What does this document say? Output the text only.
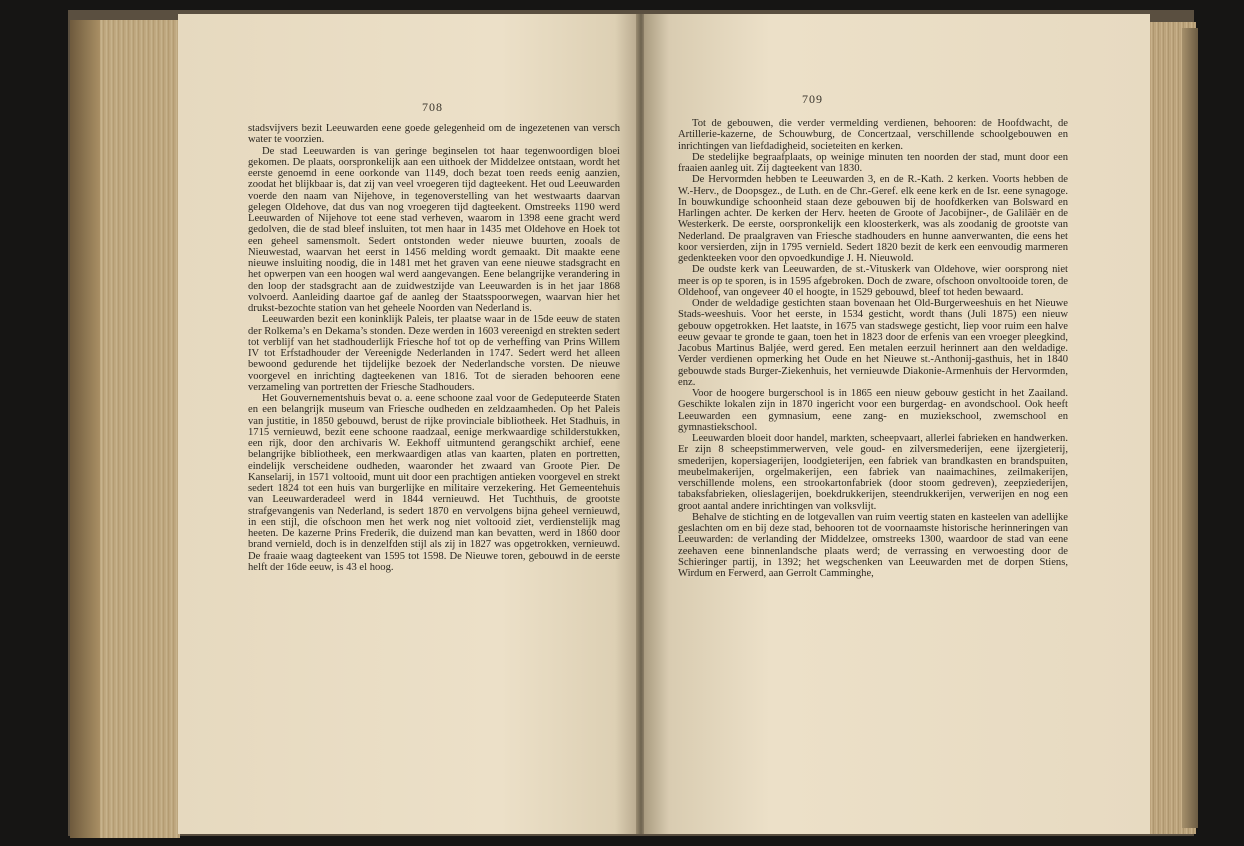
708

stadsvijvers bezit Leeuwarden eene goede gelegenheid om de ingezetenen van versch water te voorzien.

De stad Leeuwarden is van geringe beginselen tot haar tegenwoordigen bloei gekomen. De plaats, oorspronkelijk aan een uithoek der Middelzee ontstaan, wordt het eerste genoemd in eene oorkonde van 1149, doch bezat toen reeds eenig aanzien, zoodat het blijkbaar is, dat zij van veel vroegeren tijd dagteekent. Het oud Leeuwarden voerde den naam van Nijehove, in tegenoverstelling van het westwaarts daarvan gelegen Oldehove, dat dus van nog vroegeren tijd dagteekent. Omstreeks 1190 werd Leeuwarden of Nijehove tot eene stad verheven, waarom in 1398 eene gracht werd gedolven, die de stad bleef insluiten, tot men haar in 1435 met Oldehove en Hoek tot een geheel samensmolt. Sedert ontstonden weder nieuwe buurten, zooals de Nieuwestad, waarvan het eerst in 1456 melding wordt gemaakt. Dit maakte eene nieuwe insluiting noodig, die in 1481 met het graven van eene nieuwe stadsgracht en het opwerpen van een hoogen wal werd aangevangen. Eene belangrijke verandering in den loop der stadsgracht aan de zuidwestzijde van Leeuwarden is in het jaar 1868 volvoerd. Aanleiding daartoe gaf de aanleg der Staatsspoorwegen, waarvan hier het drukst-bezochte station van het geheele Noorden van Nederland is.

Leeuwarden bezit een koninklijk Paleis, ter plaatse waar in de 15de eeuw de staten der Rolkema’s en Dekama’s stonden. Deze werden in 1603 vereenigd en strekten sedert tot verblijf van het stadhouderlijk Friesche hof tot op de verheffing van Prins Willem IV tot Erfstadhouder der Vereenigde Nederlanden in 1747. Sedert werd het alleen bewoond gedurende het tijdelijke bezoek der Nederlandsche vorsten. De nieuwe voorgevel en inrichting dagteekenen van 1816. Tot de sieraden behooren eene verzameling van portretten der Friesche Stadhouders.

Het Gouvernementshuis bevat o. a. eene schoone zaal voor de Gedeputeerde Staten en een belangrijk museum van Friesche oudheden en zeldzaamheden. Op het Paleis van justitie, in 1850 gebouwd, berust de rijke provinciale bibliotheek. Het Stadhuis, in 1715 vernieuwd, bezit eene schoone raadzaal, eenige merkwaardige schilderstukken, een rijk, door den archivaris W. Eekhoff uitmuntend gerangschikt archief, eene belangrijke bibliotheek, een merkwaardigen atlas van kaarten, platen en portretten, eindelijk verscheidene oudheden, waaronder het zwaard van Groote Pier. De Kanselarij, in 1571 voltooid, munt uit door een prachtigen antieken voorgevel en strekt sedert 1824 tot een huis van burgerlijke en militaire verzekering. Het Gemeentehuis van Leeuwarderadeel werd in 1844 vernieuwd. Het Tuchthuis, de grootste strafgevangenis van Nederland, is sedert 1870 en vervolgens bijna geheel vernieuwd, in een stijl, die ofschoon men het werk nog niet voltooid ziet, verdienstelijk mag heeten. De kazerne Prins Frederik, die duizend man kan bevatten, werd in 1860 door brand vernield, doch is in denzelfden stijl als zij in 1827 was opgetrokken, vernieuwd. De fraaie waag dagteekent van 1595 tot 1598. De Nieuwe toren, gebouwd in de eerste helft der 16de eeuw, is 43 el hoog.

709

Tot de gebouwen, die verder vermelding verdienen, behooren: de Hoofdwacht, de Artillerie-kazerne, de Schouwburg, de Concertzaal, verschillende schoolgebouwen en inrichtingen van liefdadigheid, societeiten en kerken.

De stedelijke begraafplaats, op weinige minuten ten noorden der stad, munt door een fraaien aanleg uit. Zij dagteekent van 1830.

De Hervormden hebben te Leeuwarden 3, en de R.-Kath. 2 kerken. Voorts hebben de W.-Herv., de Doopsgez., de Luth. en de Chr.-Geref. elk eene kerk en de Isr. eene synagoge. In bouwkundige schoonheid staan deze gebouwen bij de hoofdkerken van Bolsward en Harlingen achter. De kerken der Herv. heeten de Groote of Jacobijner-, de Galiläër en de Westerkerk. De eerste, oorspronkelijk een kloosterkerk, was als zoodanig de grootste van Nederland. De praalgraven van Friesche stadhouders en hunne aanverwanten, die eens het koor versierden, zijn in 1795 vernield. Sedert 1820 bezit de kerk een eenvoudig marmeren gedenkteeken voor den opvoedkundige J. H. Nieuwold.

De oudste kerk van Leeuwarden, de st.-Vituskerk van Oldehove, wier oorsprong niet meer is op te sporen, is in 1595 afgebroken. Doch de zware, ofschoon onvoltooide toren, de Oldehoof, van ongeveer 40 el hoogte, in 1529 gebouwd, bleef tot heden bewaard.

Onder de weldadige gestichten staan bovenaan het Old-Burgerweeshuis en het Nieuwe Stads-weeshuis. Voor het eerste, in 1534 gesticht, wordt thans (Juli 1875) een nieuw gebouw opgetrokken. Het laatste, in 1675 van stadswege gesticht, liep voor ruim een halve eeuw gevaar te gronde te gaan, toen het in 1823 door de erfenis van een vroeger pleegkind, Jacobus Martinus Baljée, werd gered. Een metalen eerzuil herinnert aan den weldadige. Verder verdienen opmerking het Oude en het Nieuwe st.-Anthonij-gasthuis, het in 1840 gebouwde stads Burger-Ziekenhuis, het vernieuwde Diakonie-Armenhuis der Hervormden, enz.

Voor de hoogere burgerschool is in 1865 een nieuw gebouw gesticht in het Zaailand. Geschikte lokalen zijn in 1870 ingericht voor een burgerdag- en avondschool. Ook heeft Leeuwarden een gymnasium, eene zang- en muziekschool, zwemschool en gymnastiekschool.

Leeuwarden bloeit door handel, markten, scheepvaart, allerlei fabrieken en handwerken. Er zijn 8 scheepstimmerwerven, vele goud- en zilversmederijen, eene ijzergieterij, smederijen, kopersiagerijen, loodgieterijen, een fabriek van brandkasten en brandspuiten, meubelmakerijen, orgelmakerijen, een fabriek van naaimachines, zeilmakerijen, verschillende molens, een strookartonfabriek (door stoom gedreven), zeepziederijen, tabaksfabrieken, olieslagerijen, boekdrukkerijen, steendrukkerijen, verwerijen en nog een groot aantal andere inrichtingen van volksvlijt.

Behalve de stichting en de lotgevallen van ruim veertig staten en kasteelen van adellijke geslachten om en bij deze stad, behooren tot de voornaamste historische herinneringen van Leeuwarden: de verlanding der Middelzee, omstreeks 1300, waardoor de stad van eene zeehaven eene binnenlandsche plaats werd; de verrassing en verwoesting door de Schieringer partij, in 1392; het wegschenken van Leeuwarden met de dorpen Stiens, Wirdum en Ferwerd, aan Gerrolt Camminghe,
